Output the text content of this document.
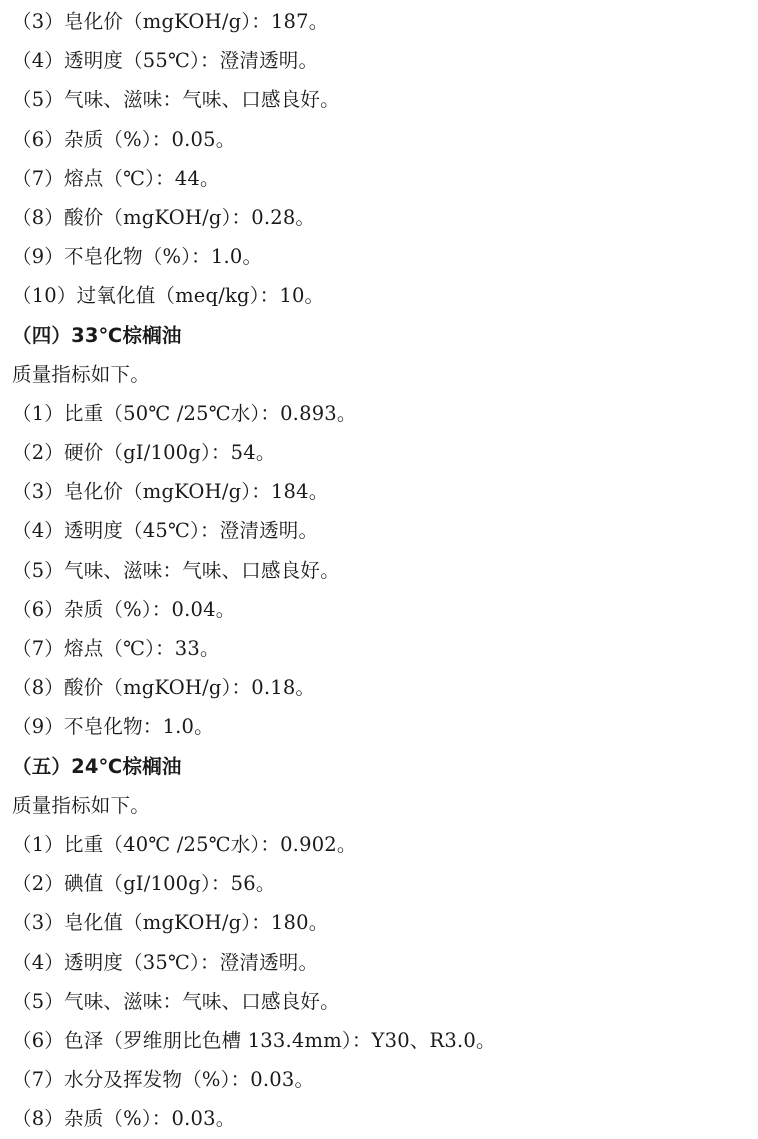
（3）皂化价（mgKOH/g）：187。
（4）透明度（55℃）：澄清透明。
（5）气味、滋味：气味、口感良好。
（6）杂质（%）：0.05。
（7）熔点（℃）：44。
（8）酸价（mgKOH/g）：0.28。
（9）不皂化物（%）：1.0。
（10）过氧化值（meq/kg）：10。
（四）33℃棕榈油
质量指标如下。
（1）比重（50℃ /25℃水）：0.893。
（2）硬价（gI/100g）：54。
（3）皂化价（mgKOH/g）：184。
（4）透明度（45℃）：澄清透明。
（5）气味、滋味：气味、口感良好。
（6）杂质（%）：0.04。
（7）熔点（℃）：33。
（8）酸价（mgKOH/g）：0.18。
（9）不皂化物：1.0。
（五）24℃棕榈油
质量指标如下。
（1）比重（40℃ /25℃水）：0.902。
（2）碘值（gI/100g）：56。
（3）皂化值（mgKOH/g）：180。
（4）透明度（35℃）：澄清透明。
（5）气味、滋味：气味、口感良好。
（6）色泽（罗维朋比色槽 133.4mm）：Y30、R3.0。
（7）水分及挥发物（%）：0.03。
（8）杂质（%）：0.03。
